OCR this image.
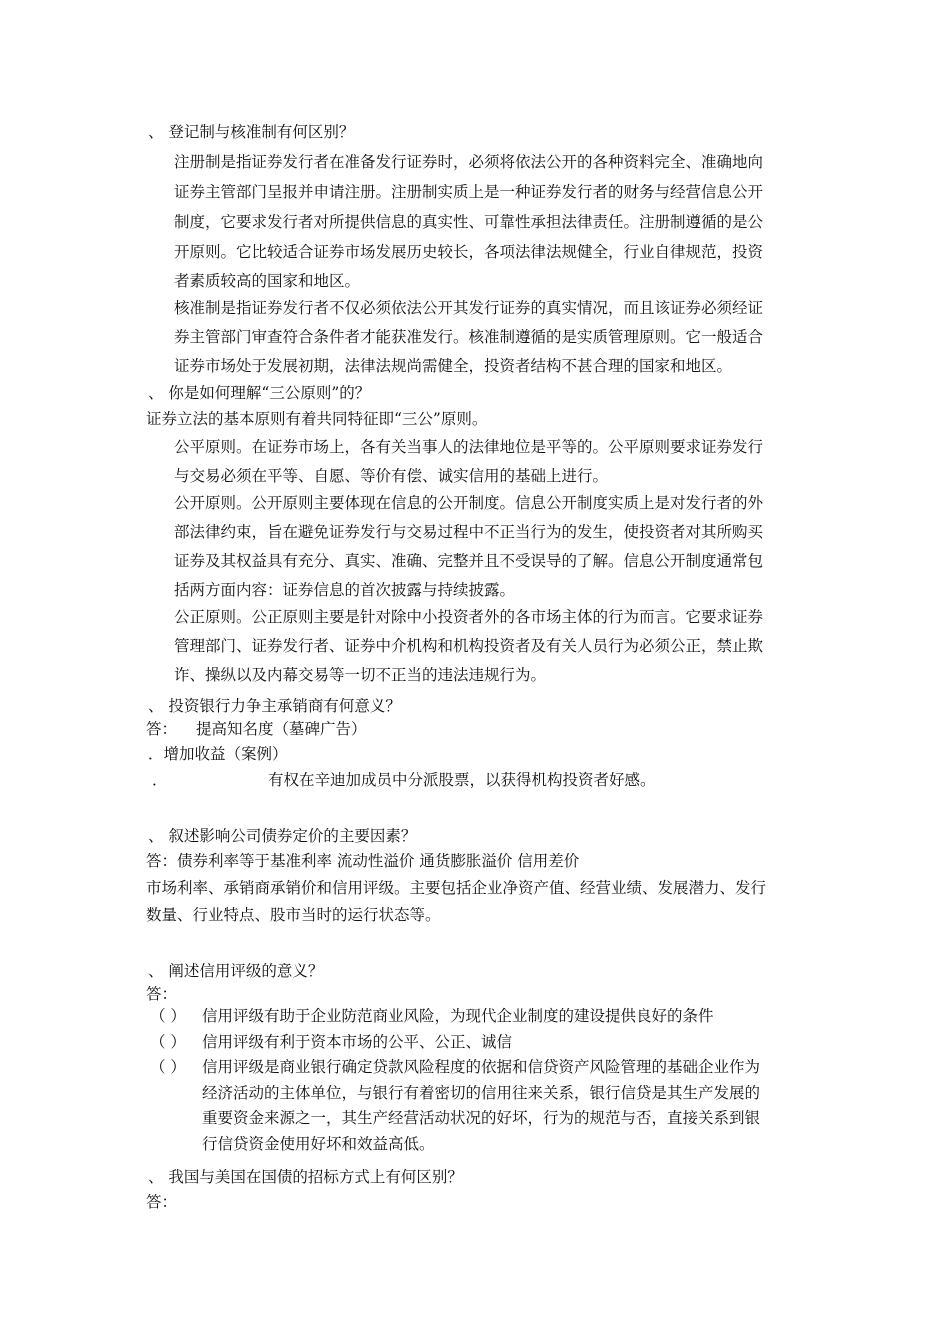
、 登记制与核准制有何区别？
注册制是指证券发行者在准备发行证券时，必须将依法公开的各种资料完全、准确地向
证券主管部门呈报并申请注册。注册制实质上是一种证券发行者的财务与经营信息公开
制度，它要求发行者对所提供信息的真实性、可靠性承担法律责任。注册制遵循的是公
开原则。它比较适合证券市场发展历史较长，各项法律法规健全，行业自律规范，投资
者素质较高的国家和地区。
核准制是指证券发行者不仅必须依法公开其发行证券的真实情况，而且该证券必须经证
券主管部门审查符合条件者才能获准发行。核准制遵循的是实质管理原则。它一般适合
证券市场处于发展初期，法律法规尚需健全，投资者结构不甚合理的国家和地区。
、 你是如何理解“三公原则”的？
证券立法的基本原则有着共同特征即“三公”原则。
公平原则。在证券市场上，各有关当事人的法律地位是平等的。公平原则要求证券发行
与交易必须在平等、自愿、等价有偿、诚实信用的基础上进行。
公开原则。公开原则主要体现在信息的公开制度。信息公开制度实质上是对发行者的外
部法律约束，旨在避免证券发行与交易过程中不正当行为的发生，使投资者对其所购买
证券及其权益具有充分、真实、准确、完整并且不受误导的了解。信息公开制度通常包
括两方面内容：证券信息的首次披露与持续披露。
公正原则。公正原则主要是针对除中小投资者外的各市场主体的行为而言。它要求证券
管理部门、证券发行者、证券中介机构和机构投资者及有关人员行为必须公正，禁止欺
诈、操纵以及内幕交易等一切不正当的违法违规行为。
、 投资银行力争主承销商有何意义？
答： 提高知名度（墓碑广告）
．增加收益（案例）
．	有权在辛迪加成员中分派股票，以获得机构投资者好感。
、 叙述影响公司债券定价的主要因素？
答：债券利率等于基准利率 流动性溢价 通货膨胀溢价 信用差价
市场利率、承销商承销价和信用评级。主要包括企业净资产值、经营业绩、发展潜力、发行
数量、行业特点、股市当时的运行状态等。
、 阐述信用评级的意义？
答：
（ ） 信用评级有助于企业防范商业风险，为现代企业制度的建设提供良好的条件
（ ） 信用评级有利于资本市场的公平、公正、诚信
（ ） 信用评级是商业银行确定贷款风险程度的依据和信贷资产风险管理的基础企业作为
经济活动的主体单位，与银行有着密切的信用往来关系，银行信贷是其生产发展的
重要资金来源之一，其生产经营活动状况的好坏，行为的规范与否，直接关系到银
行信贷资金使用好坏和效益高低。
、 我国与美国在国债的招标方式上有何区别？
答：
